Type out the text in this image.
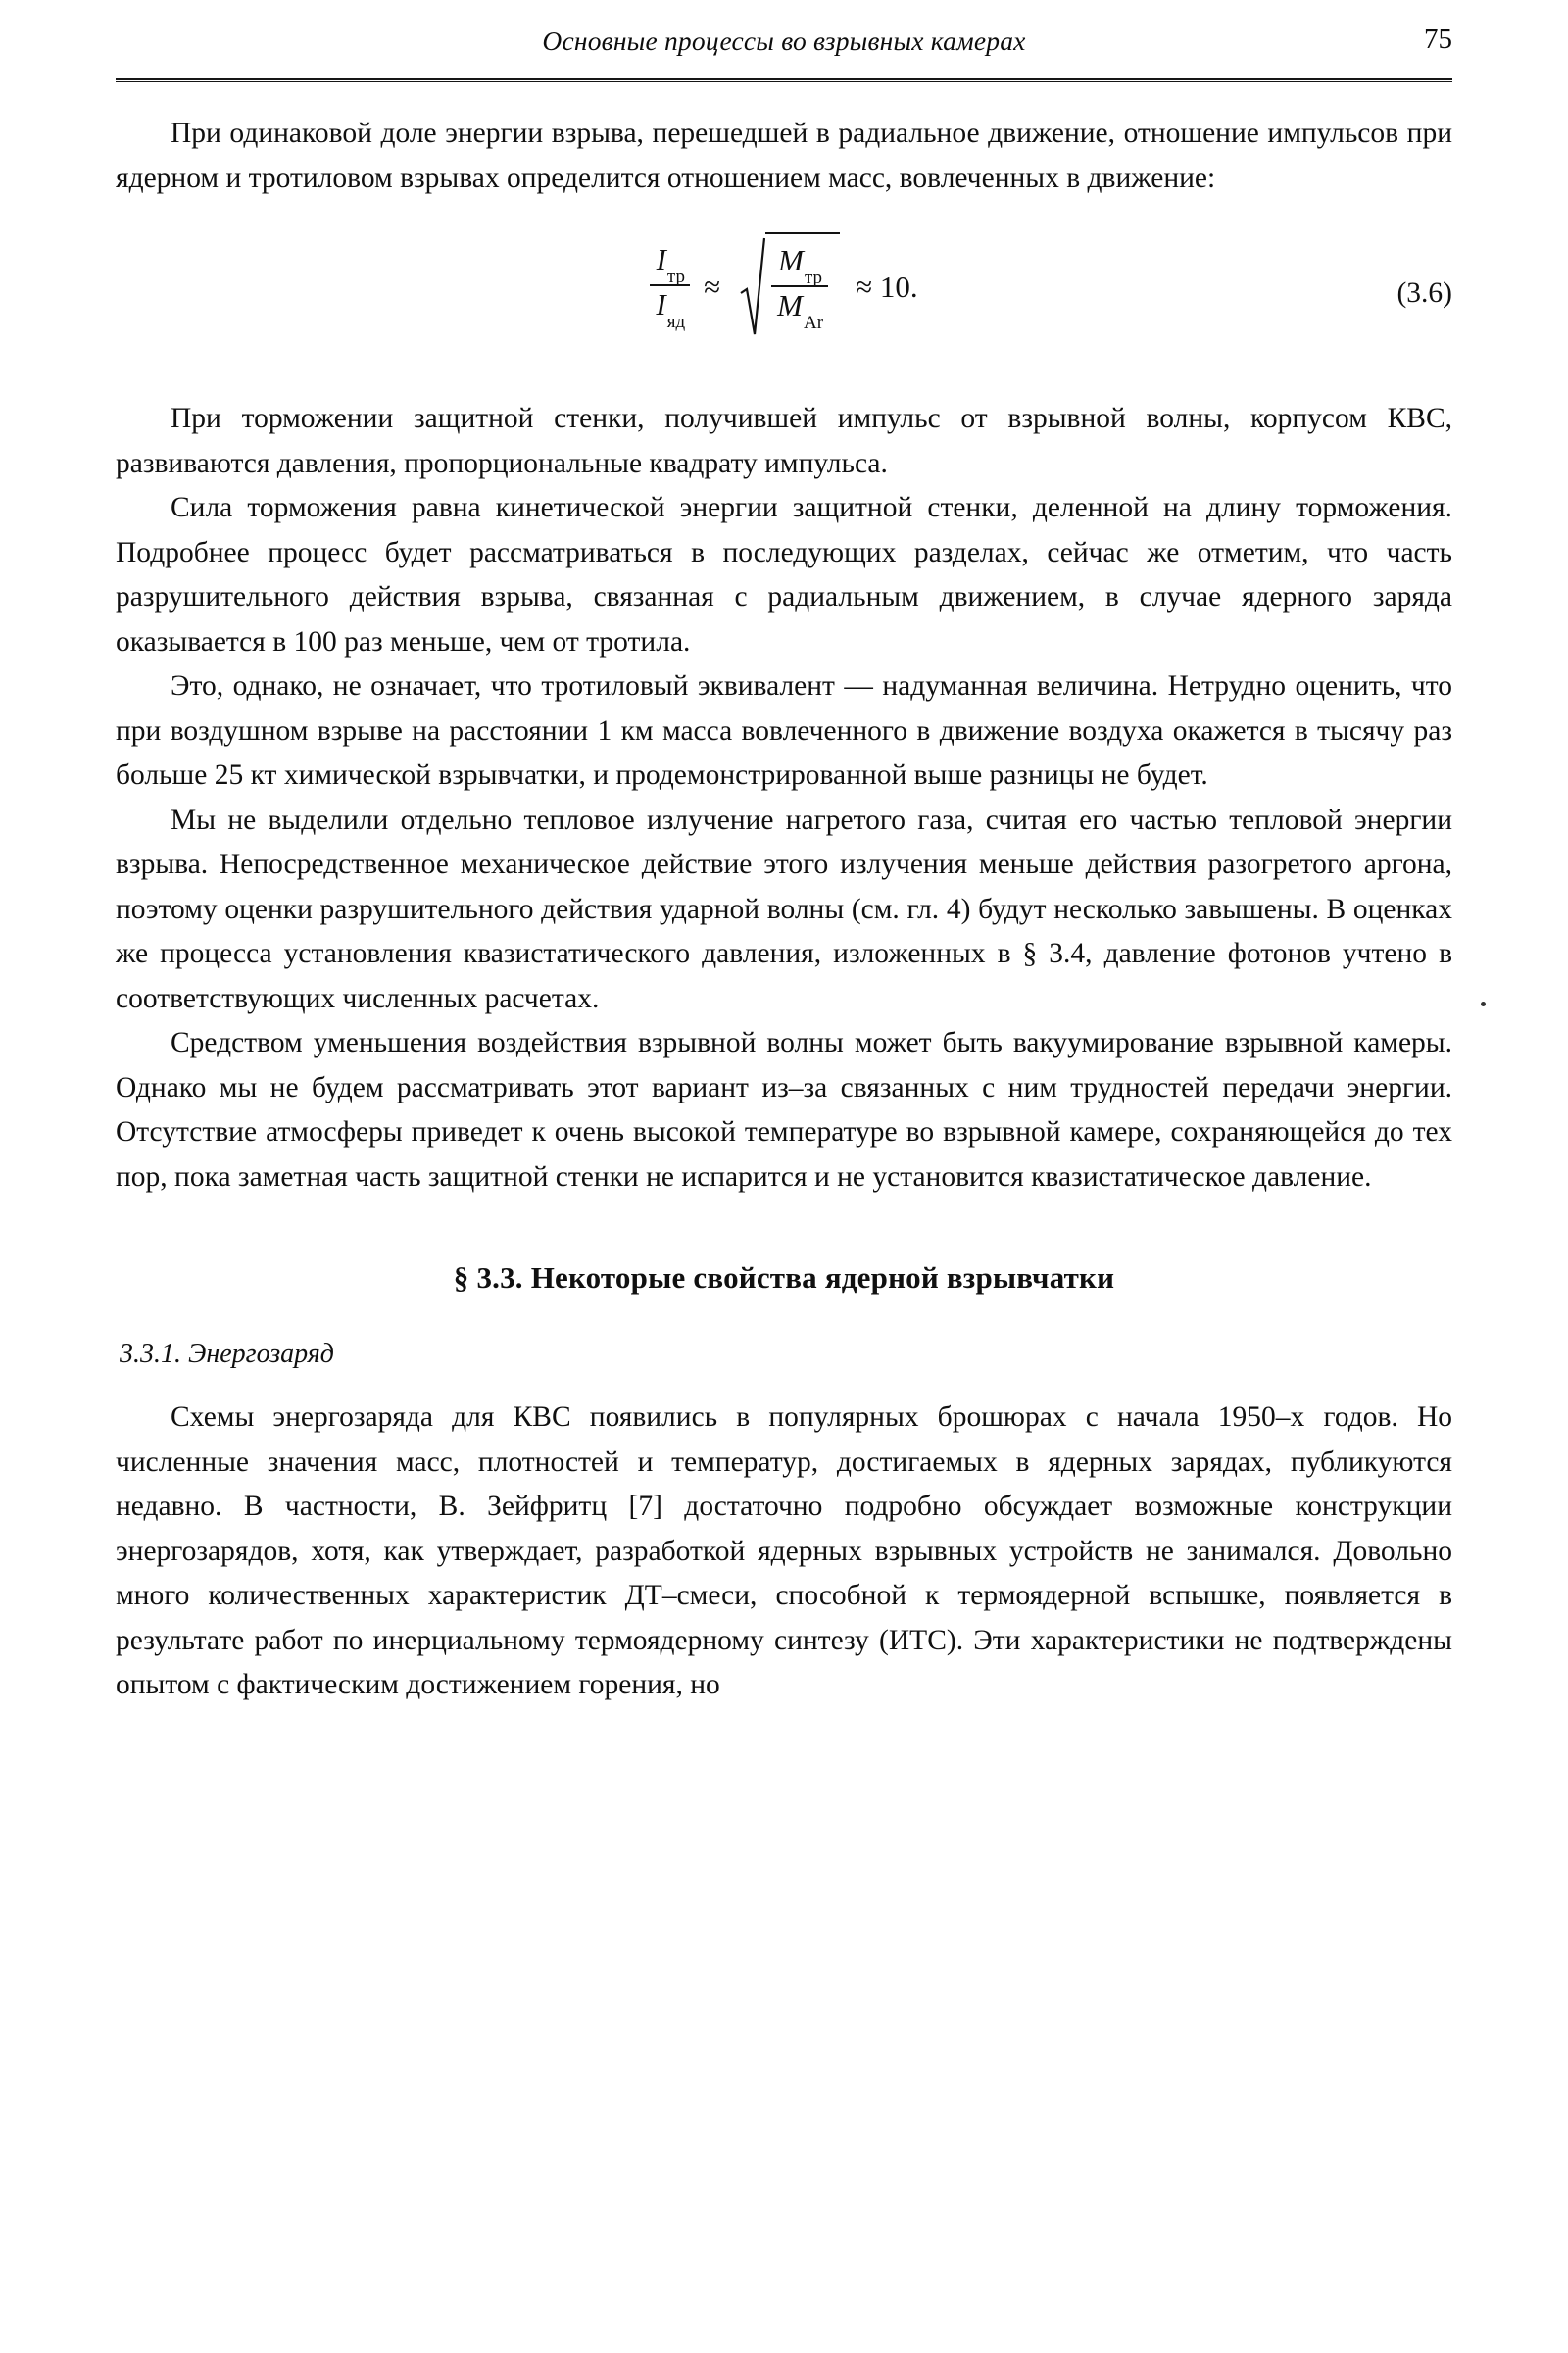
Основные процессы во взрывных камерах	75

При одинаковой доле энергии взрыва, перешедшей в радиальное движение, отношение импульсов при ядерном и тротиловом взрывах определится отношением масс, вовлеченных в движение:

$\frac{I_{тр}}{I_{яд}} \approx \frac{M_{тр}}{M_{Ar}} \approx 10$.	(3.6)

При торможении защитной стенки, получившей импульс от взрывной волны, корпусом КВС, развиваются давления, пропорциональные квадрату импульса.

Сила торможения равна кинетической энергии защитной стенки, деленной на длину торможения. Подробнее процесс будет рассматриваться в последующих разделах, сейчас же отметим, что часть разрушительного действия взрыва, связанная с радиальным движением, в случае ядерного заряда оказывается в 100 раз меньше, чем от тротила.

Это, однако, не означает, что тротиловый эквивалент — надуманная величина. Нетрудно оценить, что при воздушном взрыве на расстоянии 1 км масса вовлеченного в движение воздуха окажется в тысячу раз больше 25 кт химической взрывчатки, и продемонстрированной выше разницы не будет.

Мы не выделили отдельно тепловое излучение нагретого газа, считая его частью тепловой энергии взрыва. Непосредственное механическое действие этого излучения меньше действия разогретого аргона, поэтому оценки разрушительного действия ударной волны (см. гл. 4) будут несколько завышены. В оценках же процесса установления квазистатического давления, изложенных в § 3.4, давление фотонов учтено в соответствующих численных расчетах.

Средством уменьшения воздействия взрывной волны может быть вакуумирование взрывной камеры. Однако мы не будем рассматривать этот вариант из–за связанных с ним трудностей передачи энергии. Отсутствие атмосферы приведет к очень высокой температуре во взрывной камере, сохраняющейся до тех пор, пока заметная часть защитной стенки не испарится и не установится квазистатическое давление.

§ 3.3. Некоторые свойства ядерной взрывчатки
3.3.1. Энергозаряд

Схемы энергозаряда для КВС появились в популярных брошюрах с начала 1950–х годов. Но численные значения масс, плотностей и температур, достигаемых в ядерных зарядах, публикуются недавно. В частности, В. Зейфритц [7] достаточно подробно обсуждает возможные конструкции энергозарядов, хотя, как утверждает, разработкой ядерных взрывных устройств не занимался. Довольно много количественных характеристик ДТ–смеси, способной к термоядерной вспышке, появляется в результате работ по инерциальному термоядерному синтезу (ИТС). Эти характеристики не подтверждены опытом с фактическим достижением горения, но
